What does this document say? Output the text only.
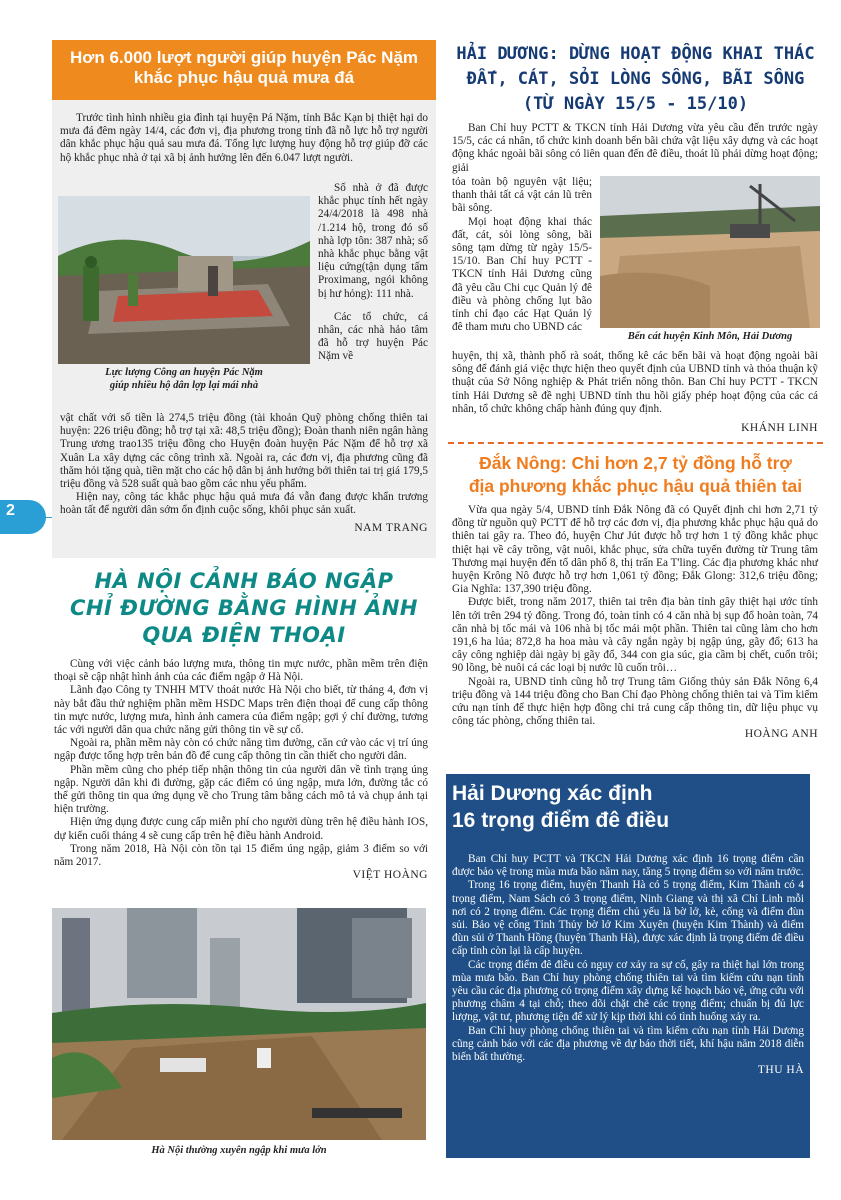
2
Hơn 6.000 lượt người giúp huyện Pác Nặm
khắc phục hậu quả mưa đá

Trước tình hình nhiều gia đình tại huyện Pá Nặm, tỉnh Bắc Kạn bị thiệt hại do mưa đá đêm ngày 14/4, các đơn vị, địa phương trong tỉnh đã nỗ lực hỗ trợ người dân khắc phục hậu quả sau mưa đá. Tổng lực lượng huy động hỗ trợ giúp đỡ các hộ khắc phục nhà ở tại xã bị ảnh hưởng lên đến 6.047 lượt người.

Lực lượng Công an huyện Pác Nặm
giúp nhiều hộ dân lợp lại mái nhà

Số nhà ở đã được khắc phục tính hết ngày 24/4/2018 là 498 nhà /1.214 hộ, trong đó số nhà lợp tôn: 387 nhà; số nhà khắc phục bằng vật liệu cứng(tận dụng tấm Proximang, ngói không bị hư hỏng): 111 nhà.

Các tổ chức, cá nhân, các nhà hảo tâm đã hỗ trợ huyện Pác Nặm về

vật chất với số tiền là 274,5 triệu đồng (tài khoản Quỹ phòng chống thiên tai huyện: 226 triệu đồng; hỗ trợ tại xã: 48,5 triệu đồng); Đoàn thanh niên ngân hàng Trung ương trao135 triệu đồng cho Huyện đoàn huyện Pác Nặm để hỗ trợ xã Xuân La xây dựng các công trình xã. Ngoài ra, các đơn vị, địa phương cũng đã thăm hỏi tặng quà, tiền mặt cho các hộ dân bị ảnh hưởng bởi thiên tai trị giá 179,5 triệu đồng và 528 suất quà bao gồm các nhu yếu phẩm.

Hiện nay, công tác khắc phục hậu quả mưa đá vẫn đang được khẩn trương hoàn tất để người dân sớm ổn định cuộc sống, khôi phục sản xuất.

NAM TRANG
HÀ NỘI CẢNH BÁO NGẬP
CHỈ ĐƯỜNG BẰNG HÌNH ẢNH
QUA ĐIỆN THOẠI

Cùng với việc cảnh báo lượng mưa, thông tin mực nước, phần mềm trên điện thoại sẽ cập nhật hình ảnh của các điểm ngập ở Hà Nội.

Lãnh đạo Công ty TNHH MTV thoát nước Hà Nội cho biết, từ tháng 4, đơn vị này bắt đầu thử nghiệm phần mềm HSDC Maps trên điện thoại để cung cấp thông tin mực nước, lượng mưa, hình ảnh camera của điểm ngập; gợi ý chỉ đường, tương tác với người dân qua chức năng gửi thông tin về sự cố.

Ngoài ra, phần mềm này còn có chức năng tìm đường, căn cứ vào các vị trí úng ngập được tổng hợp trên bản đồ để cung cấp thông tin cần thiết cho người dân.

Phần mềm cũng cho phép tiếp nhận thông tin của người dân về tình trạng úng ngập. Người dân khi đi đường, gặp các điểm có úng ngập, mưa lớn, đường tắc có thể gửi thông tin qua ứng dụng về cho Trung tâm bằng cách mô tả và chụp ảnh tại hiện trường.

Hiện ứng dụng được cung cấp miễn phí cho người dùng trên hệ điều hành IOS, dự kiến cuối tháng 4 sẽ cung cấp trên hệ điều hành Android.

Trong năm 2018, Hà Nội còn tồn tại 15 điểm úng ngập, giảm 3 điểm so với năm 2017.

VIỆT HOÀNG
Hà Nội thường xuyên ngập khi mưa lớn
HẢI DƯƠNG: DỪNG HOẠT ĐỘNG KHAI THÁC
ĐẤT, CÁT, SỎI LÒNG SÔNG, BÃI SÔNG
(TỪ NGÀY 15/5 - 15/10)

Ban Chỉ huy PCTT & TKCN tỉnh Hải Dương vừa yêu cầu đến trước ngày 15/5, các cá nhân, tổ chức kinh doanh bến bãi chứa vật liệu xây dựng và các hoạt động khác ngoài bãi sông có liên quan đến đê điều, thoát lũ phải dừng hoạt động; giải

tỏa toàn bộ nguyên vật liệu; thanh thải tất cả vật cản lũ trên bãi sông.

Mọi hoạt động khai thác đất, cát, sỏi lòng sông, bãi sông tạm dừng từ ngày 15/5-15/10. Ban Chỉ huy PCTT - TKCN tỉnh Hải Dương cũng đã yêu cầu Chi cục Quản lý đê điều và phòng chống lụt bão tỉnh chỉ đạo các Hạt Quản lý đê tham mưu cho UBND các

Bến cát huyện Kinh Môn, Hải Dương

huyện, thị xã, thành phố rà soát, thống kê các bến bãi và hoạt động ngoài bãi sông để đánh giá việc thực hiện theo quyết định của UBND tỉnh và thỏa thuận kỹ thuật của Sở Nông nghiệp & Phát triển nông thôn. Ban Chỉ huy PCTT - TKCN tỉnh Hải Dương sẽ đề nghị UBND tỉnh thu hồi giấy phép hoạt động của các cá nhân, tổ chức không chấp hành đúng quy định.

KHÁNH LINH
Đắk Nông: Chi hơn 2,7 tỷ đồng hỗ trợ
địa phương khắc phục hậu quả thiên tai

Vừa qua ngày 5/4, UBND tỉnh Đắk Nông đã có Quyết định chi hơn 2,71 tỷ đồng từ nguồn quỹ PCTT để hỗ trợ các đơn vị, địa phương khắc phục hậu quả do thiên tai gây ra. Theo đó, huyện Chư Jút được hỗ trợ hơn 1 tỷ đồng khắc phục thiệt hại về cây trồng, vật nuôi, khắc phục, sửa chữa tuyến đường từ Trung tâm Thương mại huyện đến tổ dân phố 8, thị trấn Ea T'ling. Các địa phương khác như huyện Krông Nô được hỗ trợ hơn 1,061 tỷ đồng; Đắk Glong: 312,6 triệu đồng; Gia Nghĩa: 137,390 triệu đồng.

Được biết, trong năm 2017, thiên tai trên địa bàn tỉnh gây thiệt hại ước tính lên tới trên 294 tỷ đồng. Trong đó, toàn tỉnh có 4 căn nhà bị sụp đổ hoàn toàn, 74 căn nhà bị tốc mái và 106 nhà bị tốc mái một phần. Thiên tai cũng làm cho hơn 191,6 ha lúa; 872,8 ha hoa màu và cây ngắn ngày bị ngập úng, gãy đổ; 613 ha cây công nghiệp dài ngày bị gãy đổ, 344 con gia súc, gia cầm bị chết, cuốn trôi; 90 lồng, bè nuôi cá các loại bị nước lũ cuốn trôi…

Ngoài ra, UBND tỉnh cũng hỗ trợ Trung tâm Giống thủy sản Đắk Nông 6,4 triệu đồng và 144 triệu đồng cho Ban Chỉ đạo Phòng chống thiên tai và Tìm kiếm cứu nạn tỉnh để thực hiện hợp đồng chi trả cung cấp thông tin, dữ liệu phục vụ công tác phòng, chống thiên tai.

HOÀNG ANH
Hải Dương xác định
16 trọng điểm đê điều

Ban Chỉ huy PCTT và TKCN Hải Dương xác định 16 trọng điểm cần được bảo vệ trong mùa mưa bão năm nay, tăng 5 trọng điểm so với năm trước.

Trong 16 trọng điểm, huyện Thanh Hà có 5 trọng điểm, Kim Thành có 4 trọng điểm, Nam Sách có 3 trọng điểm, Ninh Giang và thị xã Chí Linh mỗi nơi có 2 trọng điểm. Các trọng điểm chủ yếu là bờ lở, kè, cống và điểm đùn sủi. Bảo vệ cống Tỉnh Thủy bờ lở Kim Xuyên (huyện Kim Thành) và điểm đùn sủi ở Thanh Hồng (huyện Thanh Hà), được xác định là trọng điểm đê điều cấp tỉnh còn lại là cấp huyện.

Các trọng điểm đê điều có nguy cơ xảy ra sự cố, gây ra thiệt hại lớn trong mùa mưa bão. Ban Chỉ huy phòng chống thiên tai và tìm kiếm cứu nạn tỉnh yêu cầu các địa phương có trọng điểm xây dựng kế hoạch bảo vệ, ứng cứu với phương châm 4 tại chỗ; theo dõi chặt chẽ các trọng điểm; chuẩn bị đủ lực lượng, vật tư, phương tiện để xử lý kịp thời khi có tình huống xảy ra.

Ban Chỉ huy phòng chống thiên tai và tìm kiếm cứu nạn tỉnh Hải Dương cũng cảnh báo với các địa phương về dự báo thời tiết, khí hậu năm 2018 diễn biến bất thường.

THU HÀ
